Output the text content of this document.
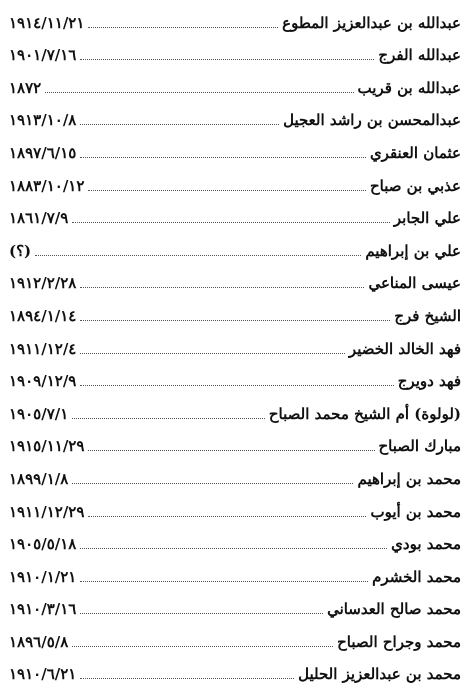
عبدالله بن عبدالعزيز المطوع
١٩١٤/١١/٢١
عبدالله الفرج
١٩٠١/٧/١٦
عبدالله بن قريب
١٨٧٢
عبدالمحسن بن راشد العجيل
١٩١٣/١٠/٨
عثمان العنقري
١٨٩٧/٦/١٥
عذبي بن صباح
١٨٨٣/١٠/١٢
علي الجابر
١٨٦١/٧/٩
علي بن إبراهيم
(؟)
عيسى المناعي
١٩١٢/٢/٢٨
الشيخ فرج
١٨٩٤/١/١٤
فهد الخالد الخضير
١٩١١/١٢/٤
فهد دويرج
١٩٠٩/١٢/٩
(لولوة) أم الشيخ محمد الصباح
١٩٠٥/٧/١
مبارك الصباح
١٩١٥/١١/٢٩
محمد بن إبراهيم
١٨٩٩/١/٨
محمد بن أيوب
١٩١١/١٢/٢٩
محمد بودي
١٩٠٥/٥/١٨
محمد الخشرم
١٩١٠/١/٢١
محمد صالح العدساني
١٩١٠/٣/١٦
محمد وجراح الصباح
١٨٩٦/٥/٨
محمد بن عبدالعزيز الحليل
١٩١٠/٦/٢١
